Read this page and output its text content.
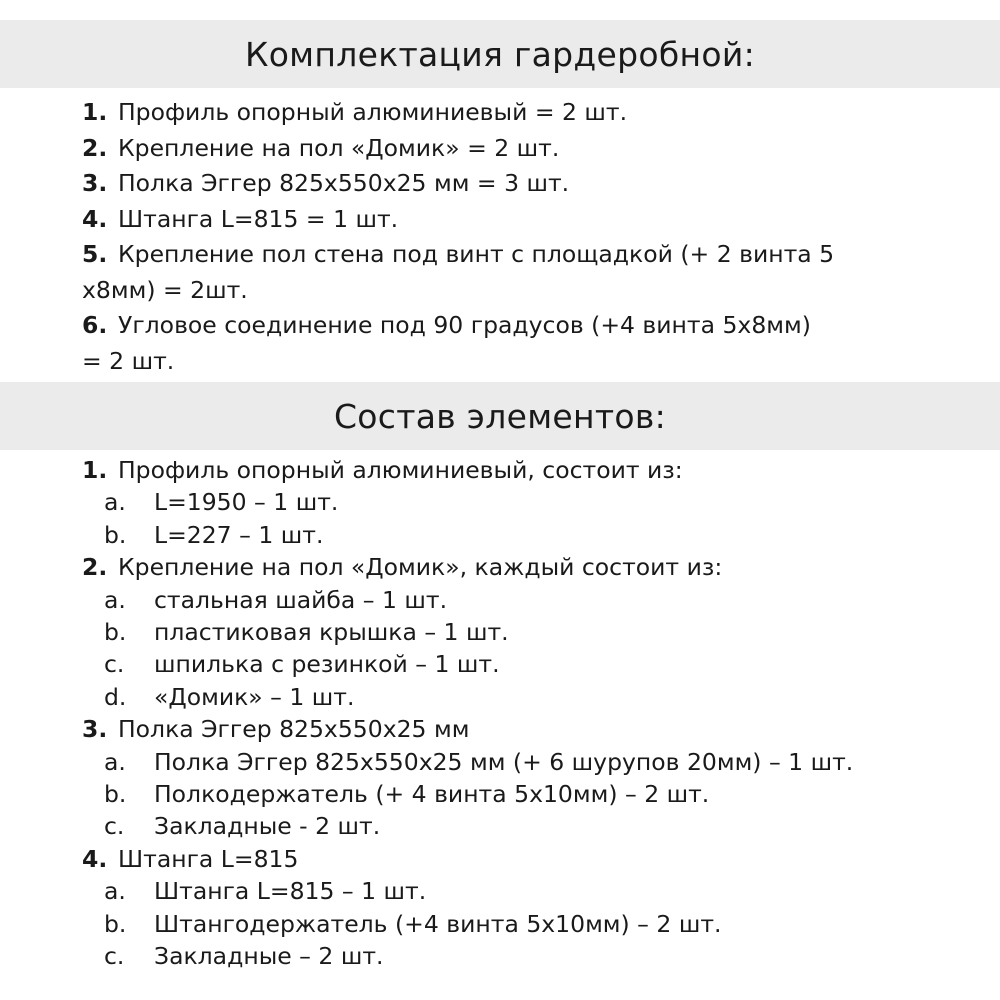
Комплектация гардеробной:
1. Профиль опорный алюминиевый = 2 шт.
2. Крепление на пол «Домик» = 2 шт.
3. Полка Эггер 825x550x25 мм = 3 шт.
4. Штанга L=815 = 1 шт.
5. Крепление пол стена под винт с площадкой (+ 2 винта 5
x8мм) = 2шт.
6. Угловое соединение под 90 градусов (+4 винта 5x8мм)
= 2 шт.
Состав элементов:
1. Профиль опорный алюминиевый, состоит из:
a. L=1950 – 1 шт.
b. L=227 – 1 шт.
2. Крепление на пол «Домик», каждый состоит из:
a. стальная шайба – 1 шт.
b. пластиковая крышка – 1 шт.
c. шпилька с резинкой – 1 шт.
d. «Домик» – 1 шт.
3. Полка Эггер 825x550x25 мм
a. Полка Эггер 825x550x25 мм (+ 6 шурупов 20мм) – 1 шт.
b. Полкодержатель (+ 4 винта 5x10мм) – 2 шт.
c. Закладные - 2 шт.
4. Штанга L=815
a. Штанга L=815 – 1 шт.
b. Штангодержатель (+4 винта 5x10мм) – 2 шт.
c. Закладные – 2 шт.
